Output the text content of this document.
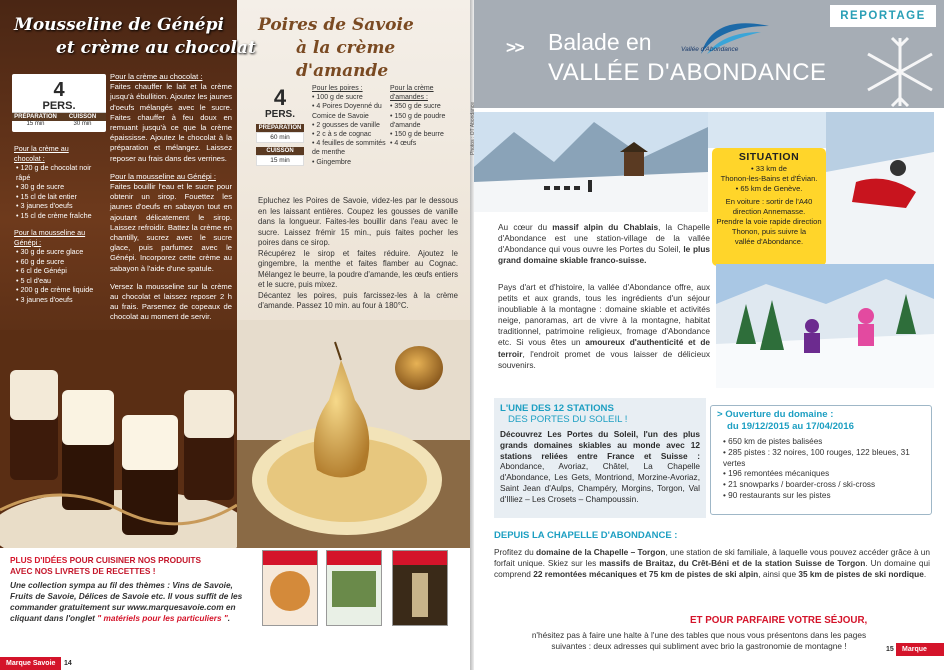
Mousseline de Génépi
et crème au chocolat
4
PERS.
PRÉPARATION
15 min
CUISSON
30 min
Pour la crème au
chocolat :
• 120 g de chocolat noir râpé
• 30 g de sucre
• 15 cl de lait entier
• 3 jaunes d'oeufs
• 15 cl de crème fraîche
Pour la mousseline au
Génépi :
• 30 g de sucre glace
• 60 g de sucre
• 6 cl de Génépi
• 5 cl d'eau
• 200 g de crème liquide
• 3 jaunes d'oeufs
Pour la crème au chocolat :

Faites chauffer le lait et la crème jusqu'à ébullition. Ajoutez les jaunes d'oeufs mélangés avec le sucre. Faites chauffer à feu doux en remuant jusqu'à ce que la crème épaississe. Ajoutez le chocolat à la préparation et mélangez. Laissez reposer au frais dans des verrines.

Pour la mousseline au Génépi :

Faites bouillir l'eau et le sucre pour obtenir un sirop. Fouettez les jaunes d'oeufs en sabayon tout en ajoutant délicatement le sirop. Laissez refroidir. Battez la crème en chantilly, sucrez avec le sucre glace, puis parfumez avec le Génépi. Incorporez cette crème au sabayon à l'aide d'une spatule.

Versez la mousseline sur la crème au chocolat et laissez reposer 2 h au frais. Parsemez de copeaux de chocolat au moment de servir.

Poires de Savoie
à la crème d'amande
4
PERS.
PRÉPARATION
60 min
CUISSON
15 min
Pour les poires :
• 100 g de sucre
• 4 Poires Doyenné du Comice de Savoie
• 2 gousses de vanille
• 2 c à s de cognac
• 4 feuilles de sommités de menthe
• Gingembre
Pour la crème
d'amandes :
• 350 g de sucre
• 150 g de poudre d'amande
• 150 g de beurre
• 4 œufs

Epluchez les Poires de Savoie, videz-les par le dessous en les laissant entières. Coupez les gousses de vanille dans la longueur. Faites-les bouillir dans l'eau avec le sucre. Laissez frémir 15 min., puis faites pocher les poires dans ce sirop.

Récupérez le sirop et faites réduire. Ajoutez le gingembre, la menthe et faites flamber au Cognac. Mélangez le beurre, la poudre d'amande, les œufs entiers et le sucre, puis mixez.

Décantez les poires, puis farcissez-les à la crème d'amande. Passez 10 min. au four à 180°C.

PLUS D'IDÉES POUR CUISINER NOS PRODUITS
AVEC NOS LIVRETS DE RECETTES !
Une collection sympa au fil des thèmes : Vins de Savoie, Fruits de Savoie, Délices de Savoie etc. Il vous suffit de les commander gratuitement sur www.marquesavoie.com en cliquant dans l'onglet " matériels pour les particuliers ".
Marque Savoie	14
REPORTAGE
> > Balade en
VALLÉE D'ABONDANCE
Vallée d'Abondance
Photos : OT Abondance
SITUATION
• 33 km de
Thonon-les-Bains et d'Évian.
• 65 km de Genève.
En voiture : sortir de l'A40
direction Annemasse.
Prendre la voie rapide direction
Thonon, puis suivre la
vallée d'Abondance.
Au cœur du massif alpin du Chablais, la Chapelle d'Abondance est une station-village de la vallée d'Abondance qui vous ouvre les Portes du Soleil, le plus grand domaine skiable franco-suisse.
Pays d'art et d'histoire, la vallée d'Abondance offre, aux petits et aux grands, tous les ingrédients d'un séjour inoubliable à la montagne : domaine skiable et activités neige, panoramas, art de vivre à la montagne, habitat traditionnel, patrimoine religieux, fromage d'Abondance etc. Si vous êtes un amoureux d'authenticité et de terroir, l'endroit promet de vous laisser de délicieux souvenirs.
L'UNE DES 12 STATIONS
DES PORTES DU SOLEIL !
Découvrez Les Portes du Soleil, l'un des plus grands domaines skiables au monde avec 12 stations reliées entre France et Suisse : Abondance, Avoriaz, Châtel, La Chapelle d'Abondance, Les Gets, Montriond, Morzine-Avoriaz, Saint Jean d'Aulps, Champéry, Morgins, Torgon, Val d'Illiez – Les Crosets – Champoussin.
> Ouverture du domaine :
du 19/12/2015 au 17/04/2016
• 650 km de pistes balisées
• 285 pistes : 32 noires, 100 rouges, 122 bleues, 31 vertes
• 196 remontées mécaniques
• 21 snowparks / boarder-cross / ski-cross
• 90 restaurants sur les pistes
DEPUIS LA CHAPELLE D'ABONDANCE :
Profitez du domaine de la Chapelle – Torgon, une station de ski familiale, à laquelle vous pouvez accéder grâce à un forfait unique. Skiez sur les massifs de Braitaz, du Crêt-Béni et de la station Suisse de Torgon. Un domaine qui comprend 22 remontées mécaniques et 75 km de pistes de ski alpin, ainsi que 35 km de pistes de ski nordique.
ET POUR PARFAIRE VOTRE SÉJOUR,
n'hésitez pas à faire une halte à l'une des tables que nous vous présentons dans les pages
suivantes : deux adresses qui subliment avec brio la gastronomie de montagne !	15	Marque Savoie
